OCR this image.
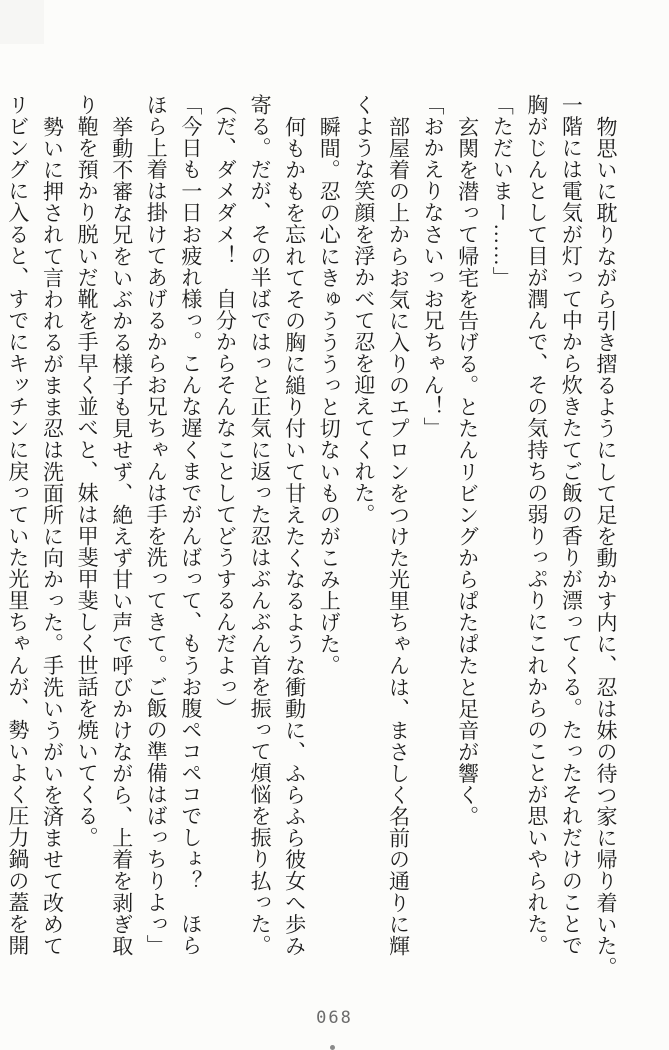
物思いに耽りながら引き摺るようにして足を動かす内に、忍は妹の待つ家に帰り着いた。

一階には電気が灯って中から炊きたてご飯の香りが漂ってくる。たったそれだけのことで

胸がじんとして目が潤んで、その気持ちの弱りっぷりにこれからのことが思いやられた。

「ただいまー……」

玄関を潜って帰宅を告げる。とたんリビングからぱたぱたと足音が響く。

「おかえりなさいっお兄ちゃん！」

部屋着の上からお気に入りのエプロンをつけた光里ちゃんは、まさしく名前の通りに輝

くような笑顔を浮かべて忍を迎えてくれた。

瞬間。忍の心にきゅうううっと切ないものがこみ上げた。

何もかもを忘れてその胸に縋り付いて甘えたくなるような衝動に、ふらふら彼女へ歩み

寄る。だが、その半ばではっと正気に返った忍はぶんぶん首を振って煩悩を振り払った。

（だ、ダメダメ！　自分からそんなことしてどうするんだよっ）

「今日も一日お疲れ様っ。こんな遅くまでがんばって、もうお腹ペコペコでしょ？　ほら

ほら上着は掛けてあげるからお兄ちゃんは手を洗ってきて。ご飯の準備はばっちりよっ」

挙動不審な兄をいぶかる様子も見せず、絶えず甘い声で呼びかけながら、上着を剥ぎ取

り鞄を預かり脱いだ靴を手早く並べと、妹は甲斐甲斐しく世話を焼いてくる。

勢いに押されて言われるがまま忍は洗面所に向かった。手洗いうがいを済ませて改めて

リビングに入ると、すでにキッチンに戻っていた光里ちゃんが、勢いよく圧力鍋の蓋を開

068
